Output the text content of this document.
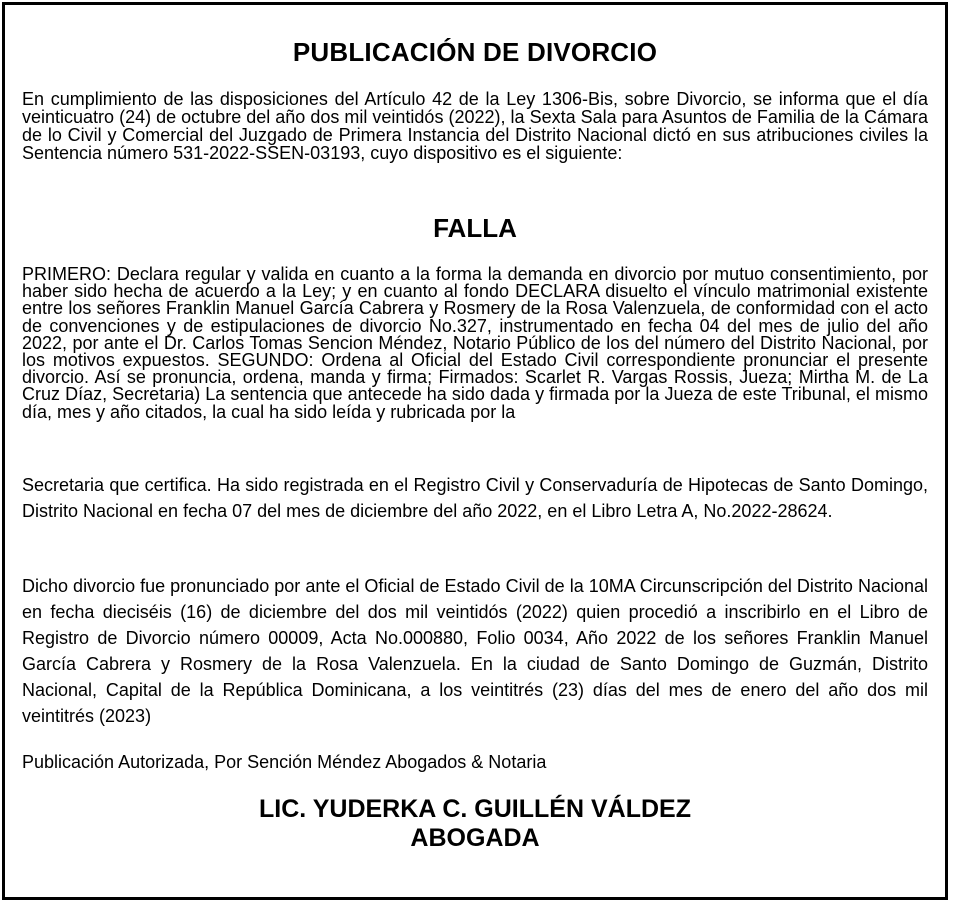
PUBLICACIÓN DE DIVORCIO

En cumplimiento de las disposiciones del Artículo 42 de la Ley 1306-Bis, sobre Divorcio, se informa que el día veinticuatro (24) de octubre del año dos mil veintidós (2022), la Sexta Sala para Asuntos de Familia de la Cámara de lo Civil y Comercial del Juzgado de Primera Instancia del Distrito Nacional dictó en sus atribuciones civiles la Sentencia número 531-2022-SSEN-03193, cuyo dispositivo es el siguiente:

FALLA

PRIMERO: Declara regular y valida en cuanto a la forma la demanda en divorcio por mutuo consentimiento, por haber sido hecha de acuerdo a la Ley; y en cuanto al fondo DECLARA disuelto el vínculo matrimonial existente entre los señores Franklin Manuel García Cabrera y Rosmery de la Rosa Valenzuela, de conformidad con el acto de convenciones y de estipulaciones de divorcio No.327, instrumentado en fecha 04 del mes de julio del año 2022, por ante el Dr. Carlos Tomas Sencion Méndez, Notario Público de los del número del Distrito Nacional, por los motivos expuestos. SEGUNDO: Ordena al Oficial del Estado Civil correspondiente pronunciar el presente divorcio. Así se pronuncia, ordena, manda y firma; Firmados: Scarlet R. Vargas Rossis, Jueza; Mirtha M. de La Cruz Díaz, Secretaria) La sentencia que antecede ha sido dada y firmada por la Jueza de este Tribunal, el mismo día, mes y año citados, la cual ha sido leída y rubricada por la

Secretaria que certifica. Ha sido registrada en el Registro Civil y Conservaduría de Hipotecas de Santo Domingo, Distrito Nacional en fecha 07 del mes de diciembre del año 2022, en el Libro Letra A, No.2022-28624.

Dicho divorcio fue pronunciado por ante el Oficial de Estado Civil de la 10MA Circunscripción del Distrito Nacional en fecha dieciséis (16) de diciembre del dos mil veintidós (2022) quien procedió a inscribirlo en el Libro de Registro de Divorcio número 00009, Acta No.000880, Folio 0034, Año 2022 de los señores Franklin Manuel García Cabrera y Rosmery de la Rosa Valenzuela. En la ciudad de Santo Domingo de Guzmán, Distrito Nacional, Capital de la República Dominicana, a los veintitrés (23) días del mes de enero del año dos mil veintitrés (2023)

Publicación Autorizada, Por Sención Méndez Abogados & Notaria

LIC. YUDERKA C. GUILLÉN VÁLDEZ

ABOGADA
